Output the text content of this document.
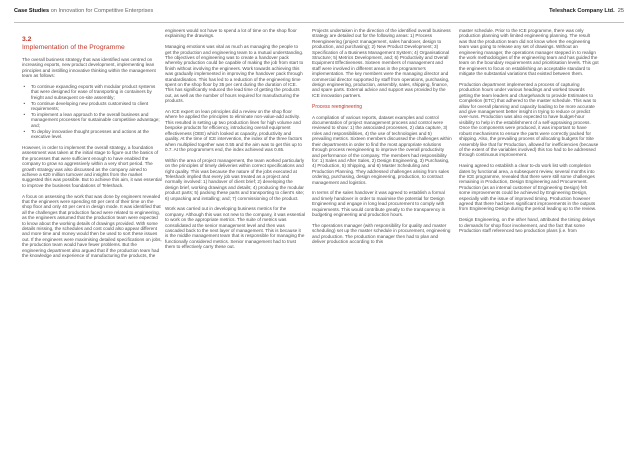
Case Studies on Innovation for Competitive Enterprises	Teleshack Company Ltd. 25
3.2
Implementation of the Programme

The overall business strategy that was identified was centred on increasing exports, new product development, implementing lean principles and instilling innovative thinking within the management team as follows:

• To continue expanding exports with modular product systems that were designed for ease of transporting in containers by freight and subsequent on-site assembly;
• To continue developing new products customised to client requirements;
• To implement a lean approach to the overall business and management processes for sustainable competitive advantage; and;
• To deploy innovative thought processes and actions at the executive level.

However, in order to implement the overall strategy, a foundation assessment was taken at the initial stage to figure out the basics of the processes that were sufficient enough to have enabled the company to grow so aggressively within a very short period. The growth strategy was also discussed as the company aimed to achieve a €20 million turnover and insights from the market suggested this was possible. But to achieve this aim, it was essential to improve the business foundations of Teleshack.

A focus on assessing the work that was done by engineers revealed that the engineers were spending 60 per cent of their time on the shop floor and only 40 per cent in design mode. It was identified that all the challenges that production faced were related to engineering, as the engineers assumed that the production team were expected to know about the working details of drawings provided. With some details missing, the schedules and cost could also appear different and more time and money would then be used to sort these issues out. If the engineers were maximising detailed specifications on jobs, the production team would have fewer problems. But the engineering department also argued that if the production team had the knowledge and experience of manufacturing the products, the

engineers would not have to spend a lot of time on the shop floor explaining the drawings.

Managing emotions was vital as much as managing the people to get the production and engineering team to a mutual understanding. The objectives of engineering was to create a handover pack whereby production could be capable of making the job from start to finish without involving the engineers. Work towards achieving this was gradually implemented in improving the handover pack through standardisation. This has led to a reduction of the engineering time spent on the shop floor by 35 per cent during the duration of ICE. This has significantly reduced the lead time of getting the products out, as well as the number of hours required for manufacturing the products.

An ICE expert on lean principles did a review on the shop floor where he applied the principles to eliminate non-value-add activity. This resulted in setting up two production lines for high volume and bespoke products for efficiency, introducing overall equipment effectiveness (OEE) which looked at capacity, productivity and quality. At the time of ICE intervention, the index of the three factors when multiplied together was 0.55 and the aim was to get this up to 0.7. At the programme's end, the index achieved was 0.65.

Within the area of project management, the team worked particularly on the principles of timely deliveries within correct specifications and right quality. This was because the nature of the jobs executed at Teleshack implied that every job was treated as a project and normally involved: 1) handover of client brief; 2) developing the design brief, working drawings and details; 4) producing the modular product parts; 5) packing these parts and transporting to client's site; 6) unpacking and installing; and; 7) commissioning of the product.

Work was carried out in developing business metrics for the company. Although this was not new to the company, it was essential to work on the appropriate metrics. The suite of metrics was consolidated at the senior management level and then was cascaded back to the next layer of management. This is because it is the middle management team that is responsible for managing the functionally considered metrics. Senior management had to trust them to effectively carry these out.

Projects undertaken in the direction of the identified overall business strategy are detailed out for the following areas: 1) Process Reengineering (project management, sales handover, design to production, and purchasing); 2) New Product Development; 3) Specification of a Business Management System; 4) Organisational Structure; 5) Metrics Development, and; 6) Productivity and Overall Equipment Effectiveness. Sixteen members of management and staff were involved in different areas in the programme's implementation. The key members were the managing director and commercial director supported by staff from operations, purchasing, design engineering, production, assembly, sales, shipping, finance, and spare parts. External advice and support was provided by the ICE innovation partners.

Process reengineering

A compilation of various reports, dataset examples and control documentation of project management process and control were reviewed to show: 1) the associated processes, 2) data capture, 3) roles and responsibilities, 4) the use of technologies and 5) prevailing metrics. Sixteen members discussed the challenges within their departments in order to find the most appropriate solutions through process reengineering to improve the overall productivity and performance of the company. The members had responsibility for: 1) Sales and After Sales, 2) Design Engineering, 3) Purchasing, 4) Production, 5) Shipping, and 6) Master Scheduling and Production Planning. They addressed challenges arising from sales ordering, purchasing, design engineering, production, to contract management and logistics.

In terms of the sales handover it was agreed to establish a formal and timely handover in order to maximise the potential for Design Engineering and engage in long lead procurement to comply with requirements. This would contribute greatly to the transparency in budgeting engineering and production hours.

The operations manager (with responsibility for quality and master scheduling) set up the master schedule in procurement, engineering and production. The production manager then had to plan and deliver production according to this

master schedule. Prior to the ICE programme, there was only production planning with limited engineering planning. The result was that the production team did not know when the engineering team was going to release any set of drawings. Without an engineering manager, the operations manager stepped in to realign the work methodologies of the engineering team and has guided the team on the boundary requirements and prioritisation levels. This got the engineers to focus on establishing an acceptable standard to mitigate the substantial variations that existed between them.

Production department implemented a process of capturing production hours under various headings and worked towards getting the team leaders and chargehands to provide Estimates to Completion (ETC) that adhered to the master schedule. This was to allow for overall planning and capacity loading to be more accurate and give management better insight in trying to reduce or predict over-runs. Production was also expected to have budget-hour visibility to help in the establishment of a self-appraising process. Once the components were produced, it was important to have robust mechanisms to ensure the parts were correctly packed for shipping. Also, the prevailing process of allocating budgets for Site Assembly like that for Production, allowed for inefficiencies (because of the extent of the variables involved) this too had to be addressed through continuous improvement.

Having agreed to establish a clear to-do work list with completion dates by functional area, a subsequent review, several months into the ICE programme, revealed that there were still some challenges remaining in Production, Design Engineering and Procurement. Production (as an internal customer of Engineering Design) felt some improvements could be achieved by Engineering Design, especially with the issue of improved timing. Production however agreed that there had been significant improvements in the outputs from Engineering Design during the period leading up to the review.

Design Engineering, on the other hand, attributed the timing delays to demands for shop floor involvement, and the fact that some Production staff referenced two production plans (i.e. from
